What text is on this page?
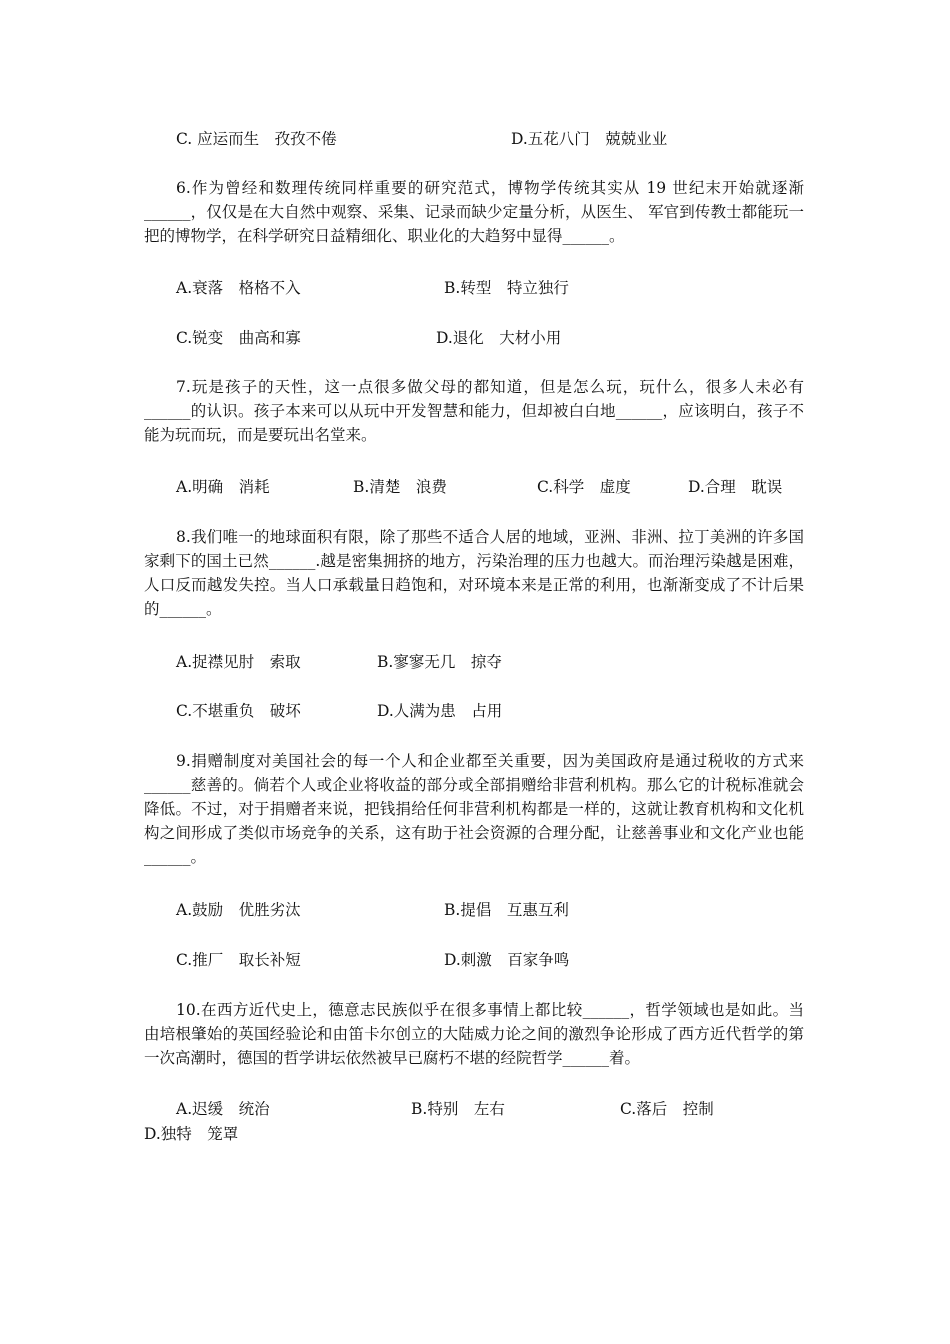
C. 应运而生　孜孜不倦	D.五花八门　兢兢业业
6.作为曾经和数理传统同样重要的研究范式，博物学传统其实从 19 世纪末开始就逐渐______，仅仅是在大自然中观察、采集、记录而缺少定量分析，从医生、 军官到传教士都能玩一把的博物学，在科学研究日益精细化、职业化的大趋努中显得______。
A.衰落　格格不入	B.转型　特立独行
C.锐变　曲高和寡	D.退化　大材小用
7.玩是孩子的天性，这一点很多做父母的都知道，但是怎么玩，玩什么，很多人未必有______的认识。孩子本来可以从玩中开发智慧和能力，但却被白白地______，应该明白，孩子不能为玩而玩，而是要玩出名堂来。
A.明确　消耗	B.清楚　浪费	C.科学　虚度	D.合理　耽误
8.我们唯一的地球面积有限，除了那些不适合人居的地域，亚洲、非洲、拉丁美洲的许多国家剩下的国土已然______.越是密集拥挤的地方，污染治理的压力也越大。而治理污染越是困难，人口反而越发失控。当人口承载量日趋饱和，对环境本来是正常的利用，也渐渐变成了不计后果的______。
A.捉襟见肘　索取	B.寥寥无几　掠夺
C.不堪重负　破坏	D.人满为患　占用
9.捐赠制度对美国社会的每一个人和企业都至关重要，因为美国政府是通过税收的方式来______慈善的。倘若个人或企业将收益的部分或全部捐赠给非营利机构。那么它的计税标准就会降低。不过，对于捐赠者来说，把钱捐给任何非营利机构都是一样的，这就让教育机构和文化机构之间形成了类似市场竞争的关系，这有助于社会资源的合理分配，让慈善事业和文化产业也能______。
A.鼓励　优胜劣汰	B.提倡　互惠互利
C.推厂　取长补短	D.刺激　百家争鸣
10.在西方近代史上，德意志民族似乎在很多事情上都比较______，哲学领域也是如此。当由培根肇始的英国经验论和由笛卡尔创立的大陆威力论之间的激烈争论形成了西方近代哲学的第一次高潮时，德国的哲学讲坛依然被早已腐朽不堪的经院哲学______着。
A.迟缓　统治	B.特别　左右	C.落后　控制
D.独特　笼罩
